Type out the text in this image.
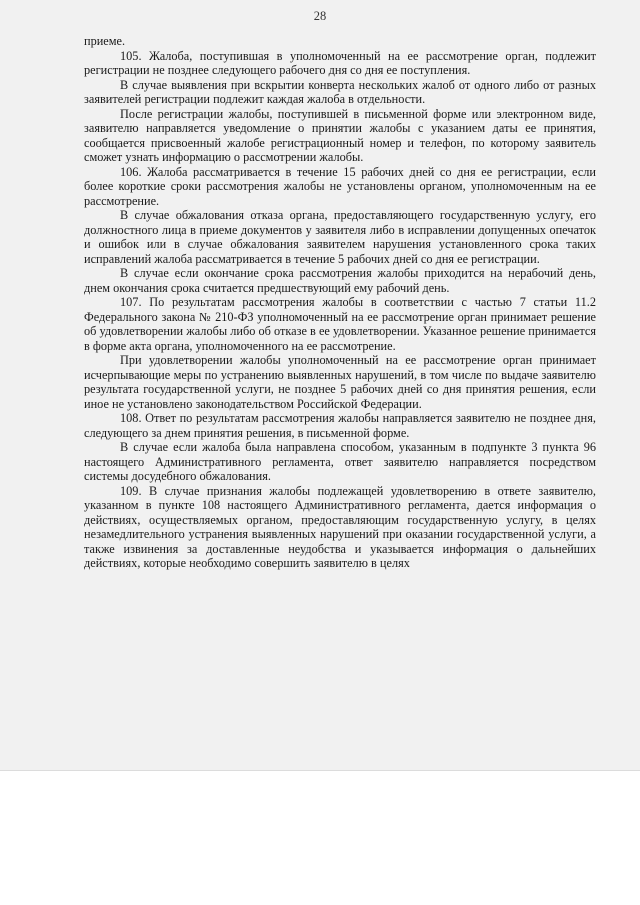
28

приеме.

105. Жалоба, поступившая в уполномоченный на ее рассмотрение орган, подлежит регистрации не позднее следующего рабочего дня со дня ее поступления.

В случае выявления при вскрытии конверта нескольких жалоб от одного либо от разных заявителей регистрации подлежит каждая жалоба в отдельности.

После регистрации жалобы, поступившей в письменной форме или электронном виде, заявителю направляется уведомление о принятии жалобы с указанием даты ее принятия, сообщается присвоенный жалобе регистрационный номер и телефон, по которому заявитель сможет узнать информацию о рассмотрении жалобы.

106. Жалоба рассматривается в течение 15 рабочих дней со дня ее регистрации, если более короткие сроки рассмотрения жалобы не установлены органом, уполномоченным на ее рассмотрение.

В случае обжалования отказа органа, предоставляющего государственную услугу, его должностного лица в приеме документов у заявителя либо в исправлении допущенных опечаток и ошибок или в случае обжалования заявителем нарушения установленного срока таких исправлений жалоба рассматривается в течение 5 рабочих дней со дня ее регистрации.

В случае если окончание срока рассмотрения жалобы приходится на нерабочий день, днем окончания срока считается предшествующий ему рабочий день.

107. По результатам рассмотрения жалобы в соответствии с частью 7 статьи 11.2 Федерального закона № 210-ФЗ уполномоченный на ее рассмотрение орган принимает решение об удовлетворении жалобы либо об отказе в ее удовлетворении. Указанное решение принимается в форме акта органа, уполномоченного на ее рассмотрение.

При удовлетворении жалобы уполномоченный на ее рассмотрение орган принимает исчерпывающие меры по устранению выявленных нарушений, в том числе по выдаче заявителю результата государственной услуги, не позднее 5 рабочих дней со дня принятия решения, если иное не установлено законодательством Российской Федерации.

108. Ответ по результатам рассмотрения жалобы направляется заявителю не позднее дня, следующего за днем принятия решения, в письменной форме.

В случае если жалоба была направлена способом, указанным в подпункте 3 пункта 96 настоящего Административного регламента, ответ заявителю направляется посредством системы досудебного обжалования.

109. В случае признания жалобы подлежащей удовлетворению в ответе заявителю, указанном в пункте 108 настоящего Административного регламента, дается информация о действиях, осуществляемых органом, предоставляющим государственную услугу, в целях незамедлительного устранения выявленных нарушений при оказании государственной услуги, а также извинения за доставленные неудобства и указывается информация о дальнейших действиях, которые необходимо совершить заявителю в целях
